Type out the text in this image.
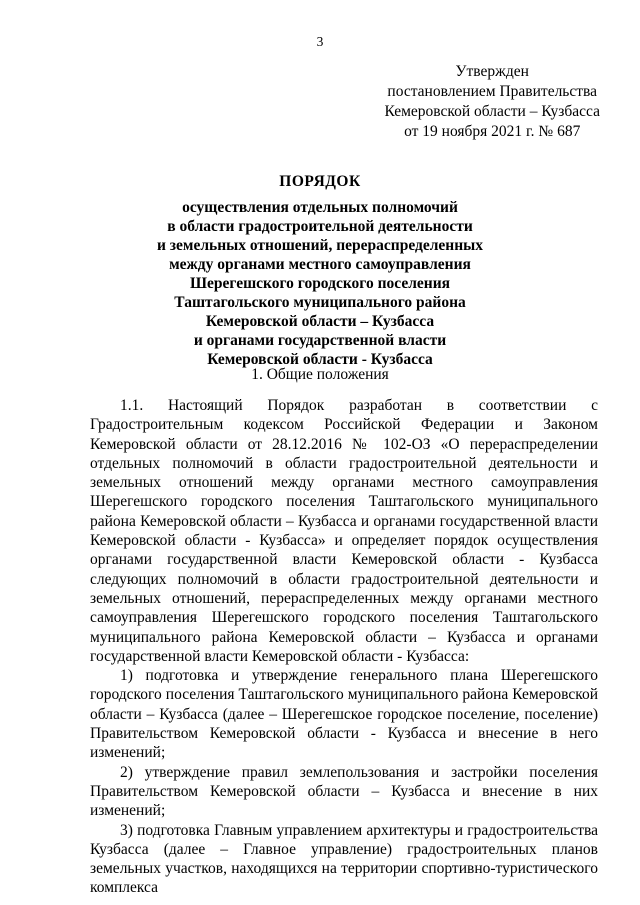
3
Утвержден
постановлением Правительства
Кемеровской области – Кузбасса
от 19 ноября 2021 г. № 687
ПОРЯДОК
осуществления отдельных полномочий
в области градостроительной деятельности
и земельных отношений, перераспределенных
между органами местного самоуправления
Шерегешского городского поселения
Таштагольского муниципального района
Кемеровской области – Кузбасса
и органами государственной власти
Кемеровской области - Кузбасса
1. Общие положения

1.1. Настоящий Порядок разработан в соответствии с Градостроительным кодексом Российской Федерации и Законом Кемеровской области от 28.12.2016 № 102-ОЗ «О перераспределении отдельных полномочий в области градостроительной деятельности и земельных отношений между органами местного самоуправления Шерегешского городского поселения Таштагольского муниципального района Кемеровской области – Кузбасса и органами государственной власти Кемеровской области - Кузбасса» и определяет порядок осуществления органами государственной власти Кемеровской области - Кузбасса следующих полномочий в области градостроительной деятельности и земельных отношений, перераспределенных между органами местного самоуправления Шерегешского городского поселения Таштагольского муниципального района Кемеровской области – Кузбасса и органами государственной власти Кемеровской области - Кузбасса:

1) подготовка и утверждение генерального плана Шерегешского городского поселения Таштагольского муниципального района Кемеровской области – Кузбасса (далее – Шерегешское городское поселение, поселение) Правительством Кемеровской области - Кузбасса и внесение в него изменений;

2) утверждение правил землепользования и застройки поселения Правительством Кемеровской области – Кузбасса и внесение в них изменений;

3) подготовка Главным управлением архитектуры и градостроительства Кузбасса (далее – Главное управление) градостроительных планов земельных участков, находящихся на территории спортивно-туристического комплекса
